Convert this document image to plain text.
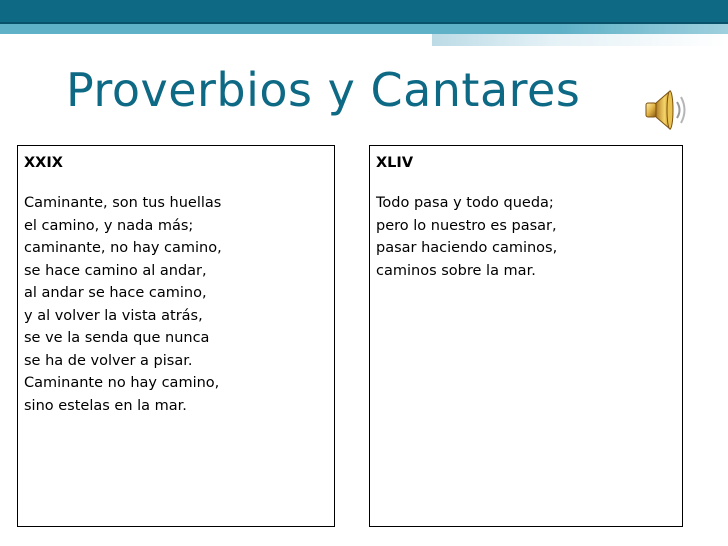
Proverbios y Cantares
XXIX
Caminante, son tus huellas
el camino, y nada más;
caminante, no hay camino,
se hace camino al andar,
al andar se hace camino,
y al volver la vista atrás,
se ve la senda que nunca
se ha de volver a pisar.
Caminante no hay camino,
sino estelas en la mar.
XLIV
Todo pasa y todo queda;
pero lo nuestro es pasar,
pasar haciendo caminos,
caminos sobre la mar.
